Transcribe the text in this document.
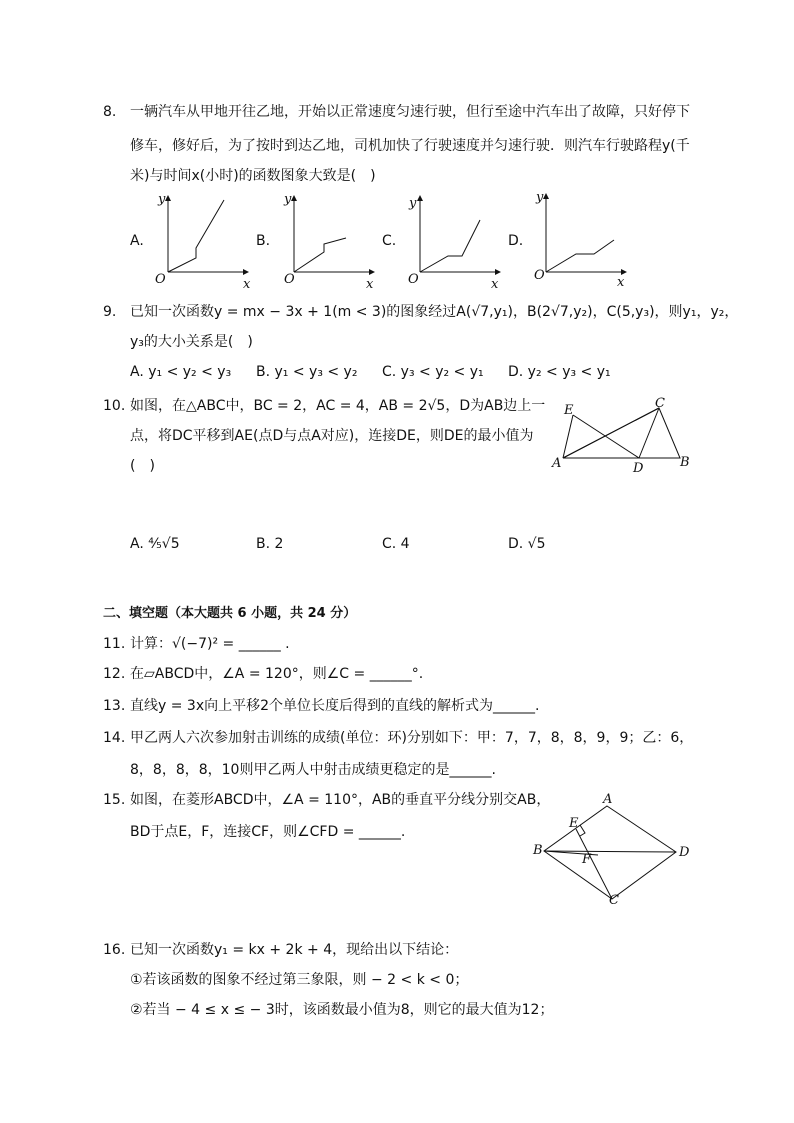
8. 一辆汽车从甲地开往乙地，开始以正常速度匀速行驶，但行至途中汽车出了故障，只好停下
修车，修好后，为了按时到达乙地，司机加快了行驶速度并匀速行驶．则汽车行驶路程y(千
米)与时间x(小时)的函数图象大致是(　)
A.	B.	C.	D.
y
O	x
y
O	x
y
O	x
y
O	x
9. 已知一次函数y = mx − 3x + 1(m < 3)的图象经过A(√7,y₁)，B(2√7,y₂)，C(5,y₃)，则y₁，y₂，
y₃的大小关系是(　)
A. y₁ < y₂ < y₃ B. y₁ < y₃ < y₂ C. y₃ < y₂ < y₁ D. y₂ < y₃ < y₁
10. 如图，在△ABC中，BC = 2，AC = 4，AB = 2√5，D为AB边上一
点，将DC平移到AE(点D与点A对应)，连接DE，则DE的最小值为
(　)
E	C
A	D	B
A. ⁴⁄₅√5	B. 2	C. 4	D. √5
二、填空题（本大题共 6 小题，共 24 分）
11. 计算：√(−7)² = ______ .
12. 在▱ABCD中，∠A = 120°，则∠C = ______°.
13. 直线y = 3x向上平移2个单位长度后得到的直线的解析式为______.
14. 甲乙两人六次参加射击训练的成绩(单位：环)分别如下：甲：7，7，8，8，9，9；乙：6，
8，8，8，8，10则甲乙两人中射击成绩更稳定的是______.
15. 如图，在菱形ABCD中，∠A = 110°，AB的垂直平分线分别交AB，
BD于点E，F，连接CF，则∠CFD = ______.
A
E
B
F	D
C
16. 已知一次函数y₁ = kx + 2k + 4，现给出以下结论：
①若该函数的图象不经过第三象限，则 − 2 < k < 0；
②若当 − 4 ≤ x ≤ − 3时，该函数最小值为8，则它的最大值为12；
